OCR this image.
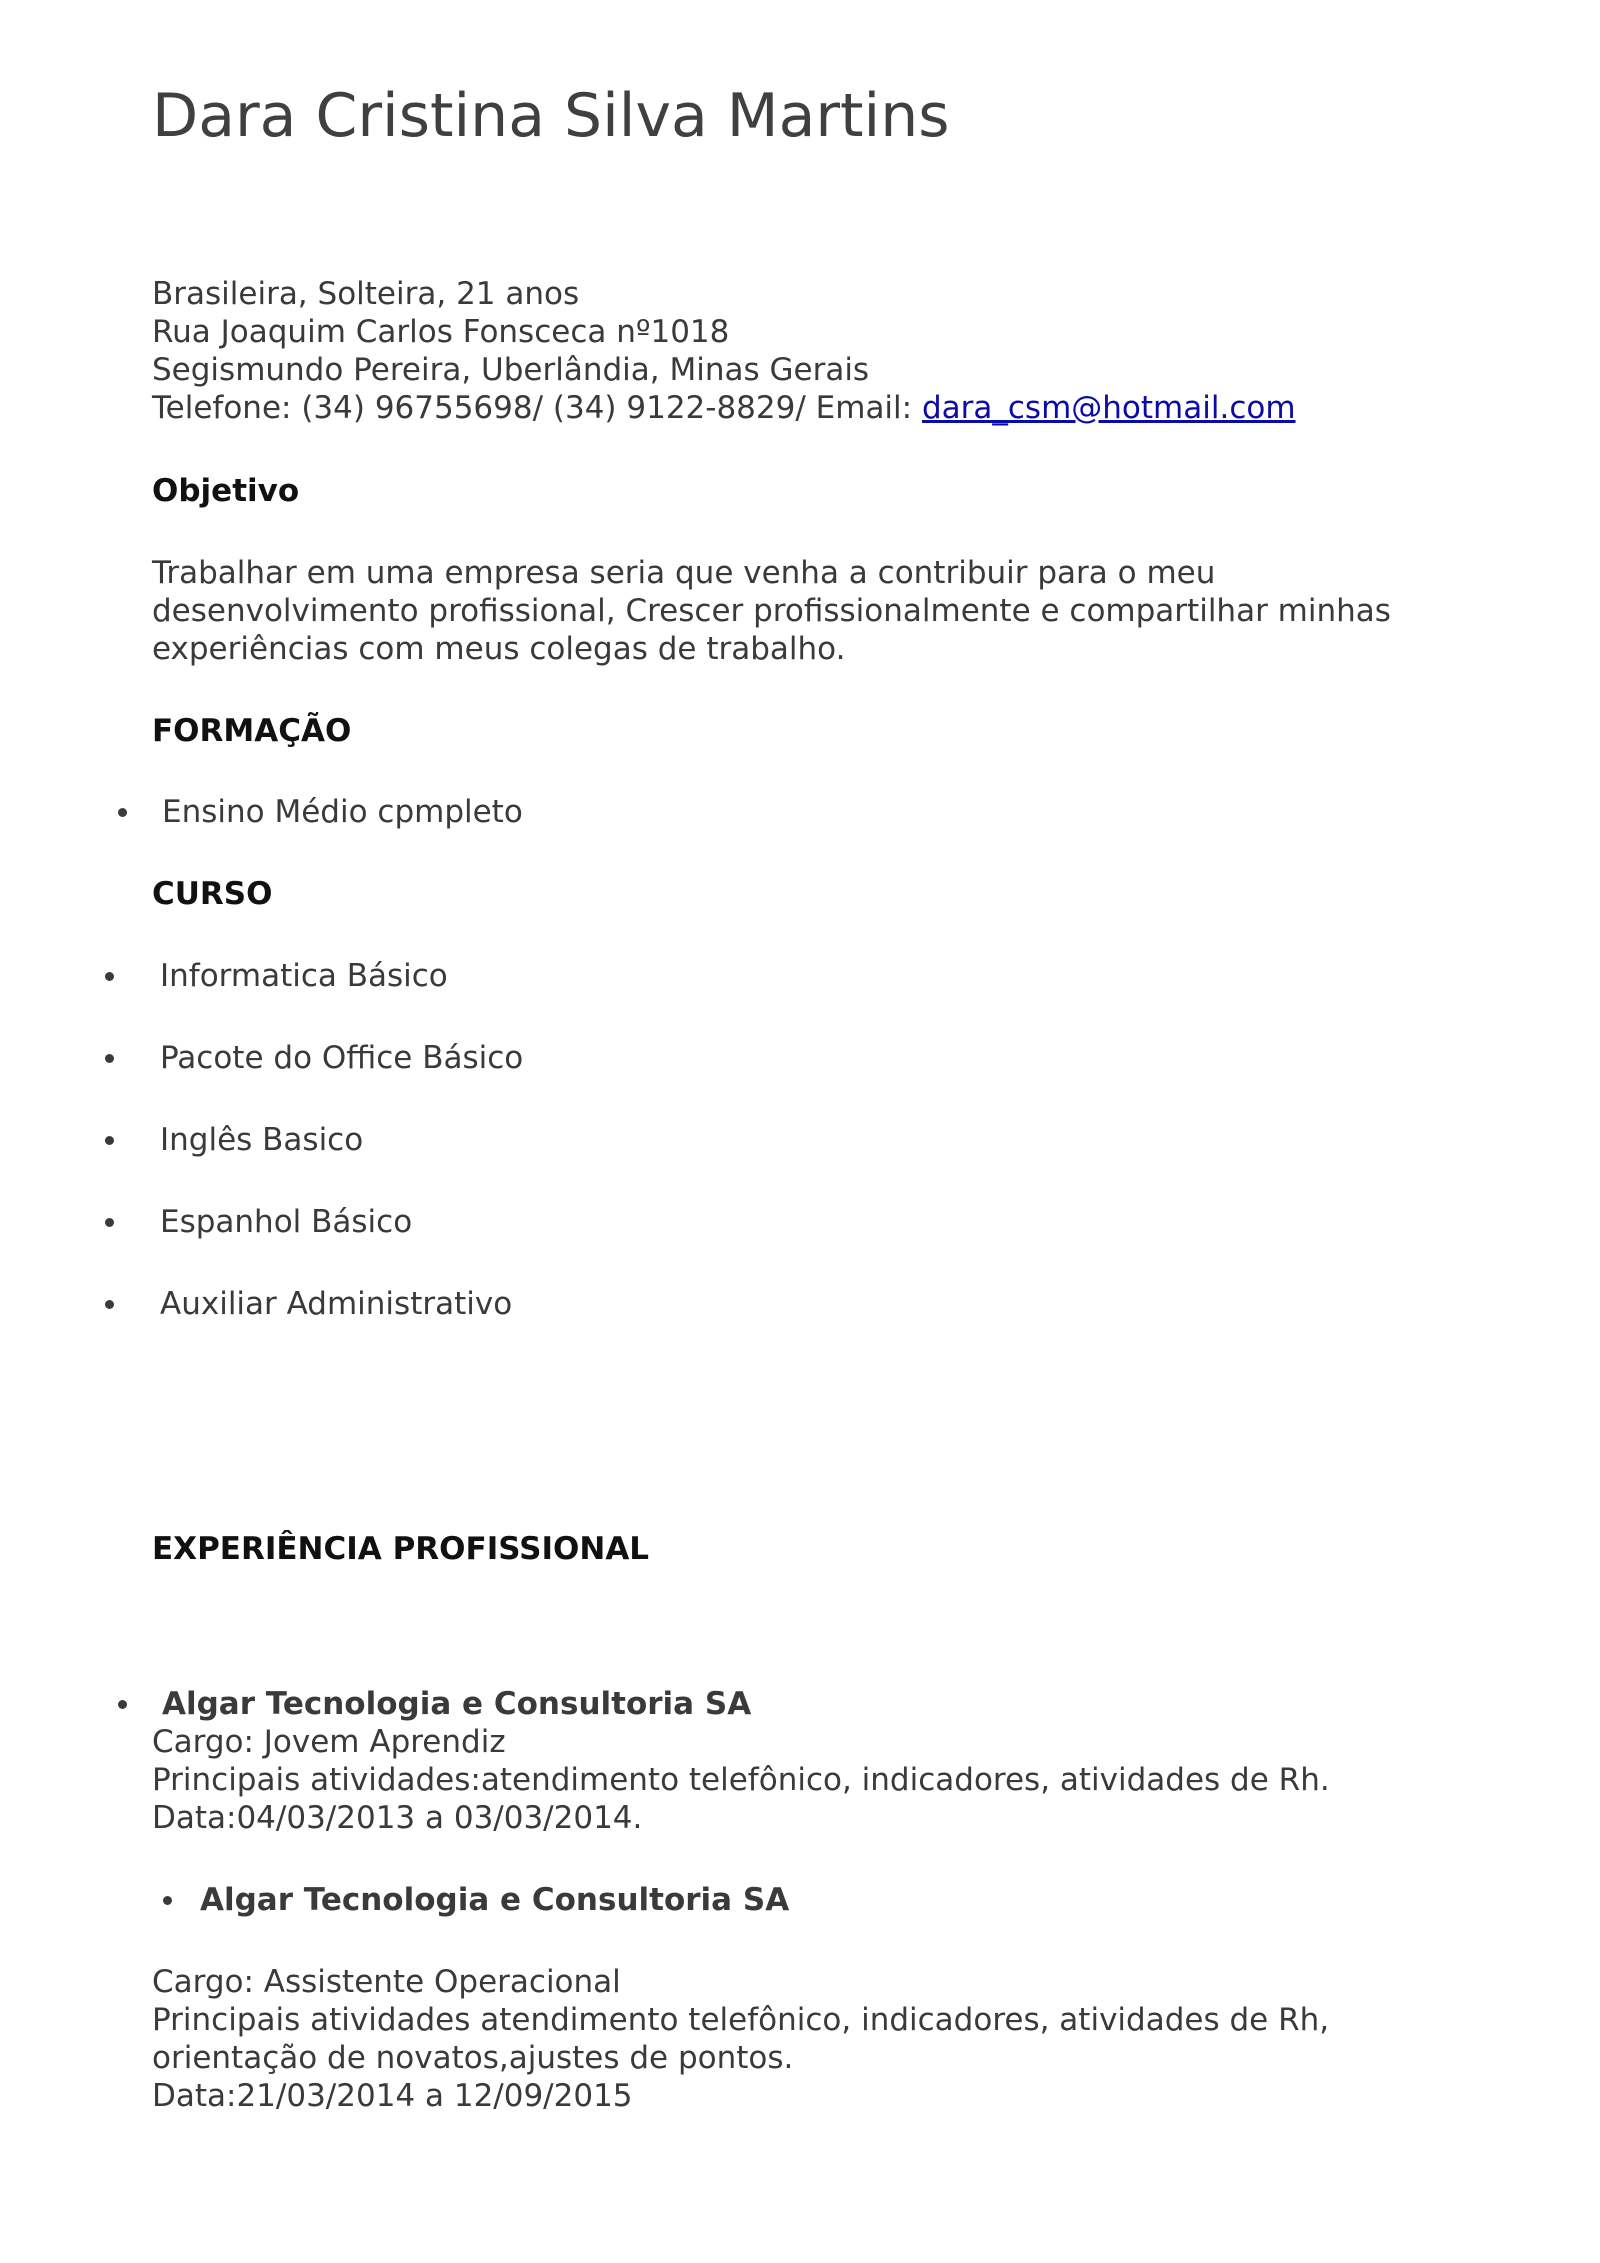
Dara Cristina Silva Martins
Brasileira, Solteira, 21 anos
Rua Joaquim Carlos Fonsceca nº1018
Segismundo Pereira, Uberlândia, Minas Gerais
Telefone: (34) 96755698/ (34) 9122-8829/ Email: dara_csm@hotmail.com
Objetivo
Trabalhar em uma empresa seria que venha a contribuir para o meu
desenvolvimento profissional, Crescer profissionalmente e compartilhar minhas
experiências com meus colegas de trabalho.
FORMAÇÃO
Ensino Médio cpmpleto
CURSO
Informatica Básico
Pacote do Office Básico
Inglês Basico
Espanhol Básico
Auxiliar Administrativo
EXPERIÊNCIA PROFISSIONAL
Algar Tecnologia e Consultoria SA
Cargo: Jovem Aprendiz
Principais atividades:atendimento telefônico, indicadores, atividades de Rh.
Data:04/03/2013 a 03/03/2014.
Algar Tecnologia e Consultoria SA
Cargo: Assistente Operacional
Principais atividades atendimento telefônico, indicadores, atividades de Rh,
orientação de novatos,ajustes de pontos.
Data:21/03/2014 a 12/09/2015
